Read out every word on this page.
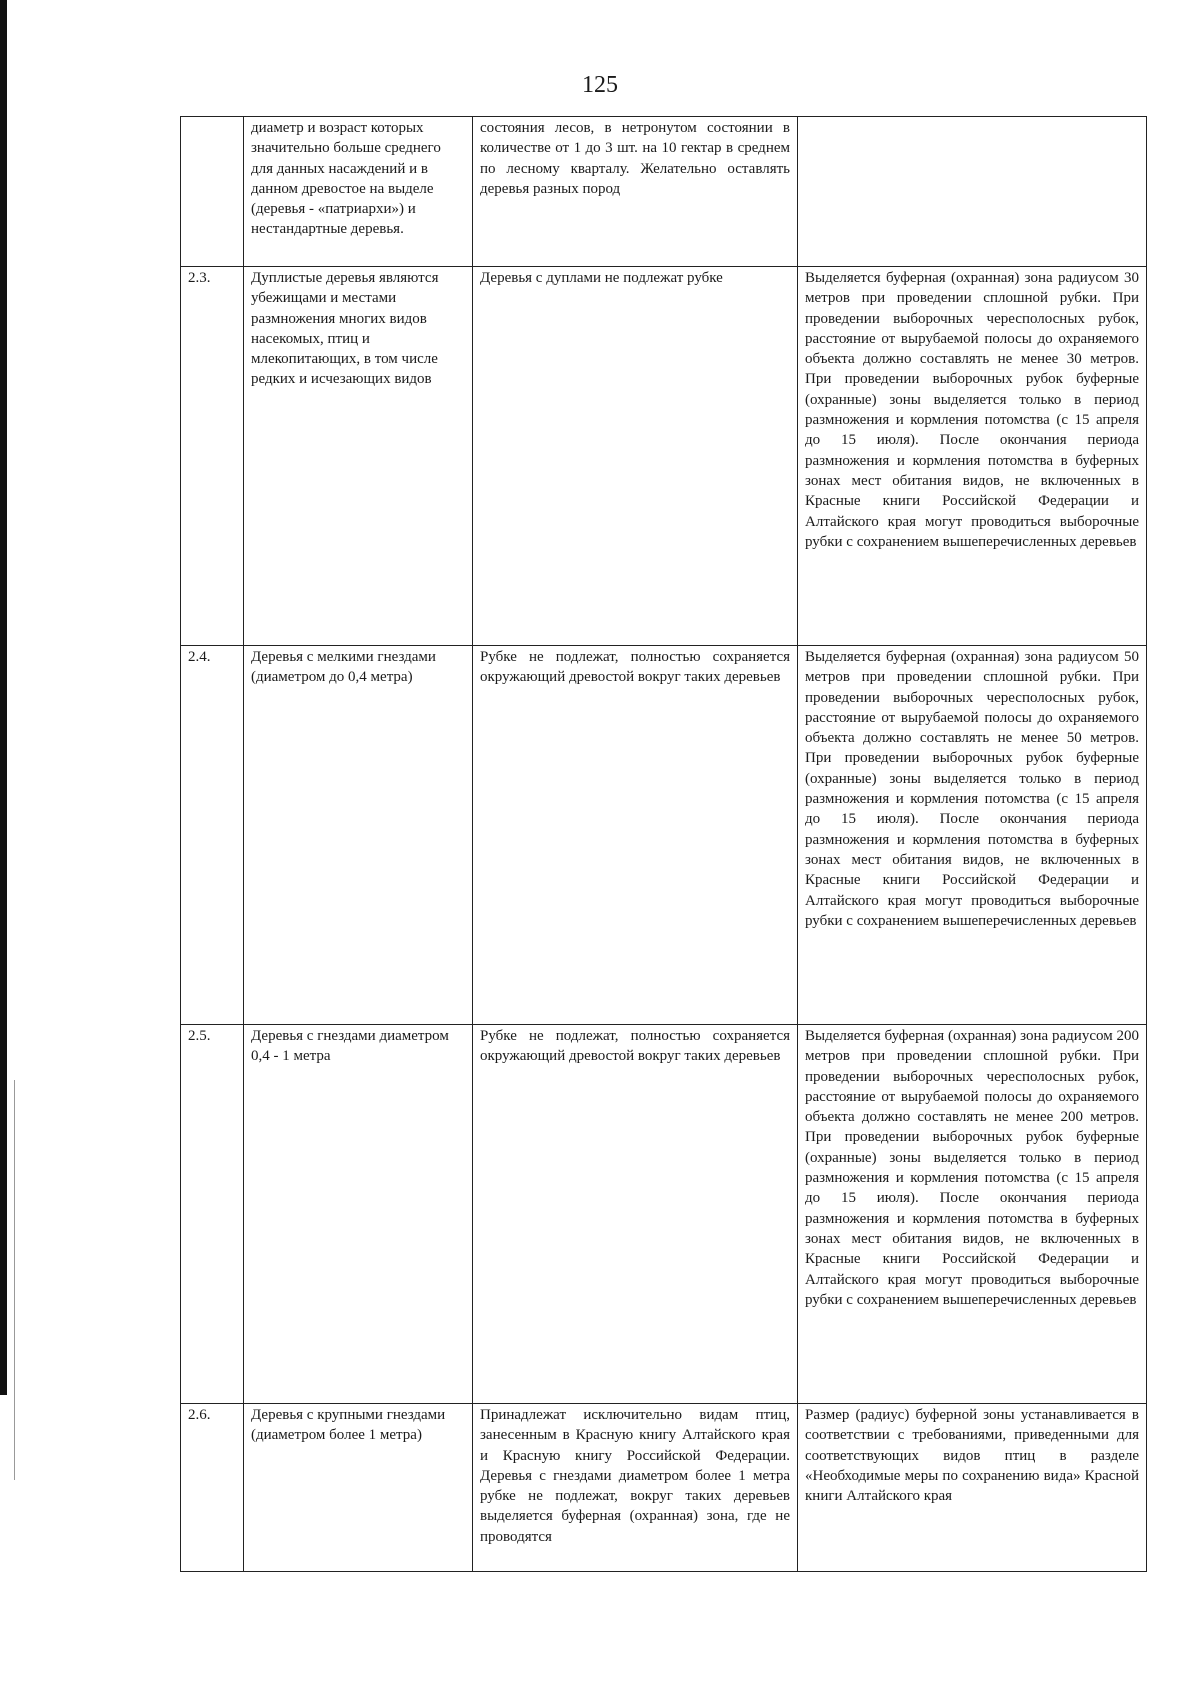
125
	диаметр и возраст которых значительно больше среднего для данных насаждений и в данном древостое на выделе (деревья - «патриархи») и нестандартные деревья.	состояния лесов, в нетронутом состоянии в количестве от 1 до 3 шт. на 10 гектар в среднем по лесному кварталу. Желательно оставлять деревья разных пород	
2.3.	Дуплистые деревья являются убежищами и местами размножения многих видов насекомых, птиц и млекопитающих, в том числе редких и исчезающих видов	Деревья с дуплами не подлежат рубке	Выделяется буферная (охранная) зона радиусом 30 метров при проведении сплошной рубки. При проведении выборочных чересполосных рубок, расстояние от вырубаемой полосы до охраняемого объекта должно составлять не менее 30 метров. При проведении выборочных рубок буферные (охранные) зоны выделяется только в период размножения и кормления потомства (с 15 апреля до 15 июля). После окончания периода размножения и кормления потомства в буферных зонах мест обитания видов, не включенных в Красные книги Российской Федерации и Алтайского края могут проводиться выборочные рубки с сохранением вышеперечисленных деревьев
2.4.	Деревья с мелкими гнездами (диаметром до 0,4 метра)	Рубке не подлежат, полностью сохраняется окружающий древостой вокруг таких деревьев	Выделяется буферная (охранная) зона радиусом 50 метров при проведении сплошной рубки. При проведении выборочных чересполосных рубок, расстояние от вырубаемой полосы до охраняемого объекта должно составлять не менее 50 метров. При проведении выборочных рубок буферные (охранные) зоны выделяется только в период размножения и кормления потомства (с 15 апреля до 15 июля). После окончания периода размножения и кормления потомства в буферных зонах мест обитания видов, не включенных в Красные книги Российской Федерации и Алтайского края могут проводиться выборочные рубки с сохранением вышеперечисленных деревьев
2.5.	Деревья с гнездами диаметром 0,4 - 1 метра	Рубке не подлежат, полностью сохраняется окружающий древостой вокруг таких деревьев	Выделяется буферная (охранная) зона радиусом 200 метров при проведении сплошной рубки. При проведении выборочных чересполосных рубок, расстояние от вырубаемой полосы до охраняемого объекта должно составлять не менее 200 метров. При проведении выборочных рубок буферные (охранные) зоны выделяется только в период размножения и кормления потомства (с 15 апреля до 15 июля). После окончания периода размножения и кормления потомства в буферных зонах мест обитания видов, не включенных в Красные книги Российской Федерации и Алтайского края могут проводиться выборочные рубки с сохранением вышеперечисленных деревьев
2.6.	Деревья с крупными гнездами (диаметром более 1 метра)	Принадлежат исключительно видам птиц, занесенным в Красную книгу Алтайского края и Красную книгу Российской Федерации. Деревья с гнездами диаметром более 1 метра рубке не подлежат, вокруг таких деревьев выделяется буферная (охранная) зона, где не проводятся	Размер (радиус) буферной зоны устанавливается в соответствии с требованиями, приведенными для соответствующих видов птиц в разделе «Необходимые меры по сохранению вида» Красной книги Алтайского края
